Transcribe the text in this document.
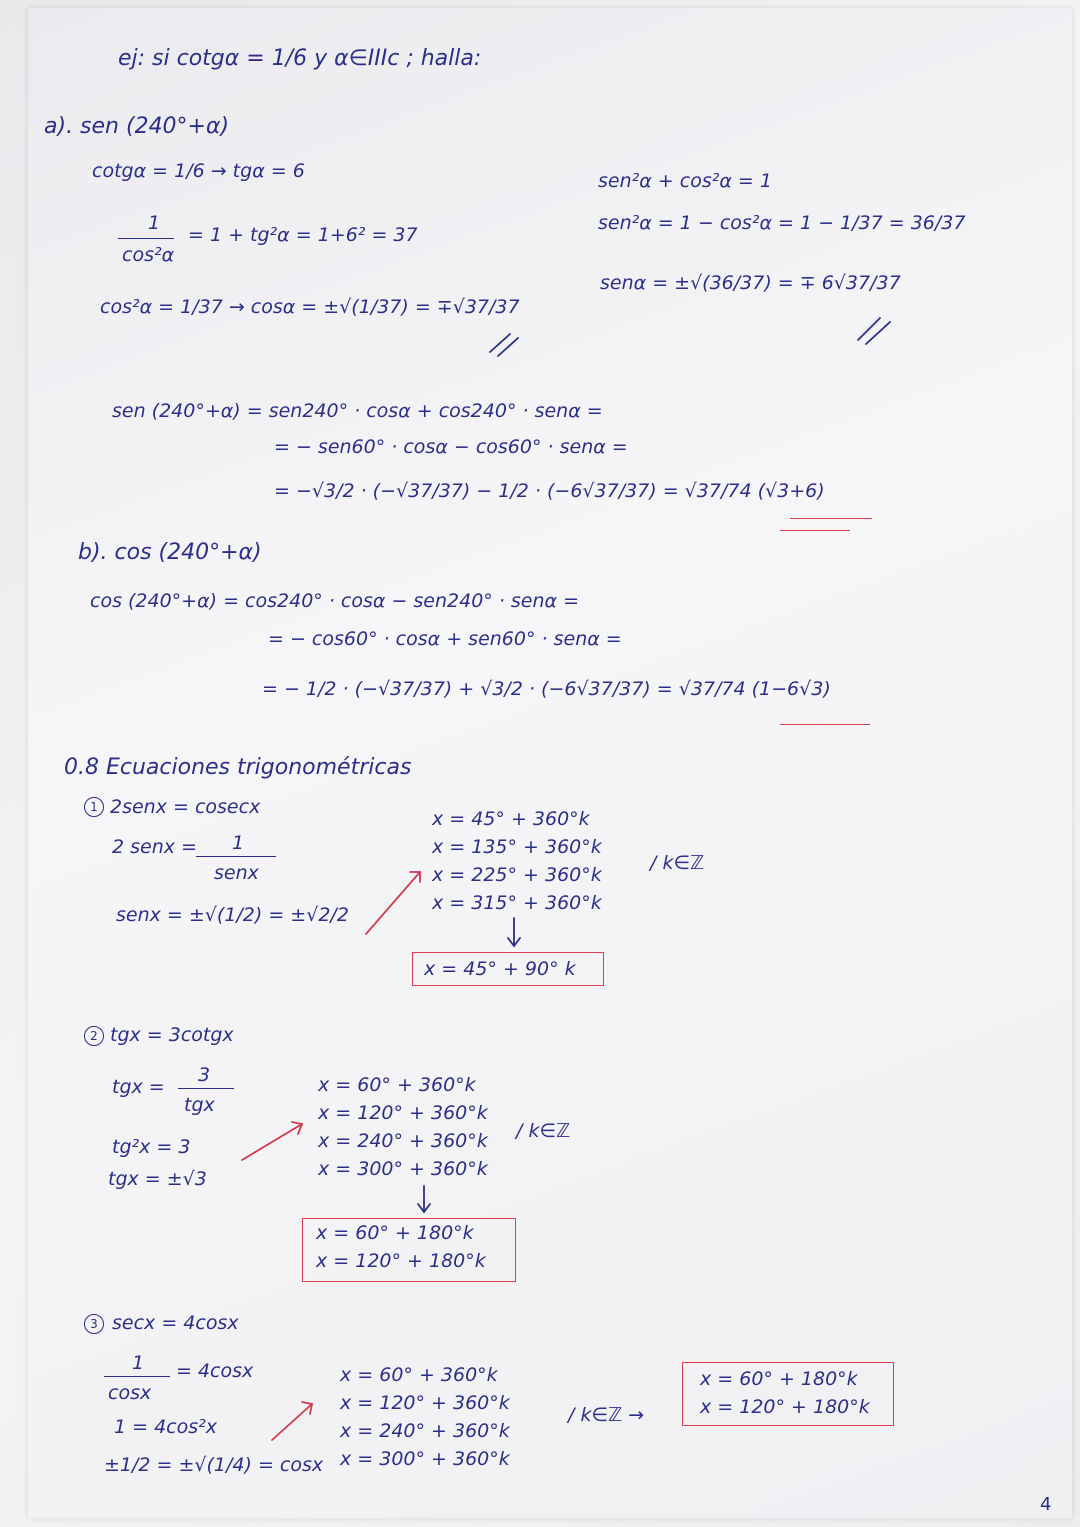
ej: si cotgα = 1/6 y α∈IIIc ; halla:
a). sen (240°+α)
cotgα = 1/6 → tgα = 6
1
cos²α
= 1 + tg²α = 1+6² = 37
cos²α = 1/37 → cosα = ±√(1/37) = ∓√37/37
sen²α + cos²α = 1
sen²α = 1 − cos²α = 1 − 1/37 = 36/37
senα = ±√(36/37) = ∓ 6√37/37
sen (240°+α) = sen240° · cosα + cos240° · senα =
= − sen60° · cosα − cos60° · senα =
= −√3/2 · (−√37/37) − 1/2 · (−6√37/37) = √37/74 (√3+6)
b). cos (240°+α)
cos (240°+α) = cos240° · cosα − sen240° · senα =
= − cos60° · cosα + sen60° · senα =
= − 1/2 · (−√37/37) + √3/2 · (−6√37/37) = √37/74 (1−6√3)
0.8 Ecuaciones trigonométricas
1 2senx = cosecx
2 senx = 1
senx
senx = ±√(1/2) = ±√2/2
x = 45° + 360°k
x = 135° + 360°k
x = 225° + 360°k
x = 315° + 360°k
/ k∈ℤ
x = 45° + 90° k
2 tgx = 3cotgx
tgx =
3
tgx
tg²x = 3
tgx = ±√3
x = 60° + 360°k
x = 120° + 360°k
x = 240° + 360°k
x = 300° + 360°k
/ k∈ℤ
x = 60° + 180°k
x = 120° + 180°k
3 secx = 4cosx
1
cosx
= 4cosx
1 = 4cos²x
±1/2 = ±√(1/4) = cosx
x = 60° + 360°k
x = 120° + 360°k
x = 240° + 360°k
x = 300° + 360°k
/ k∈ℤ →
x = 60° + 180°k
x = 120° + 180°k
4
